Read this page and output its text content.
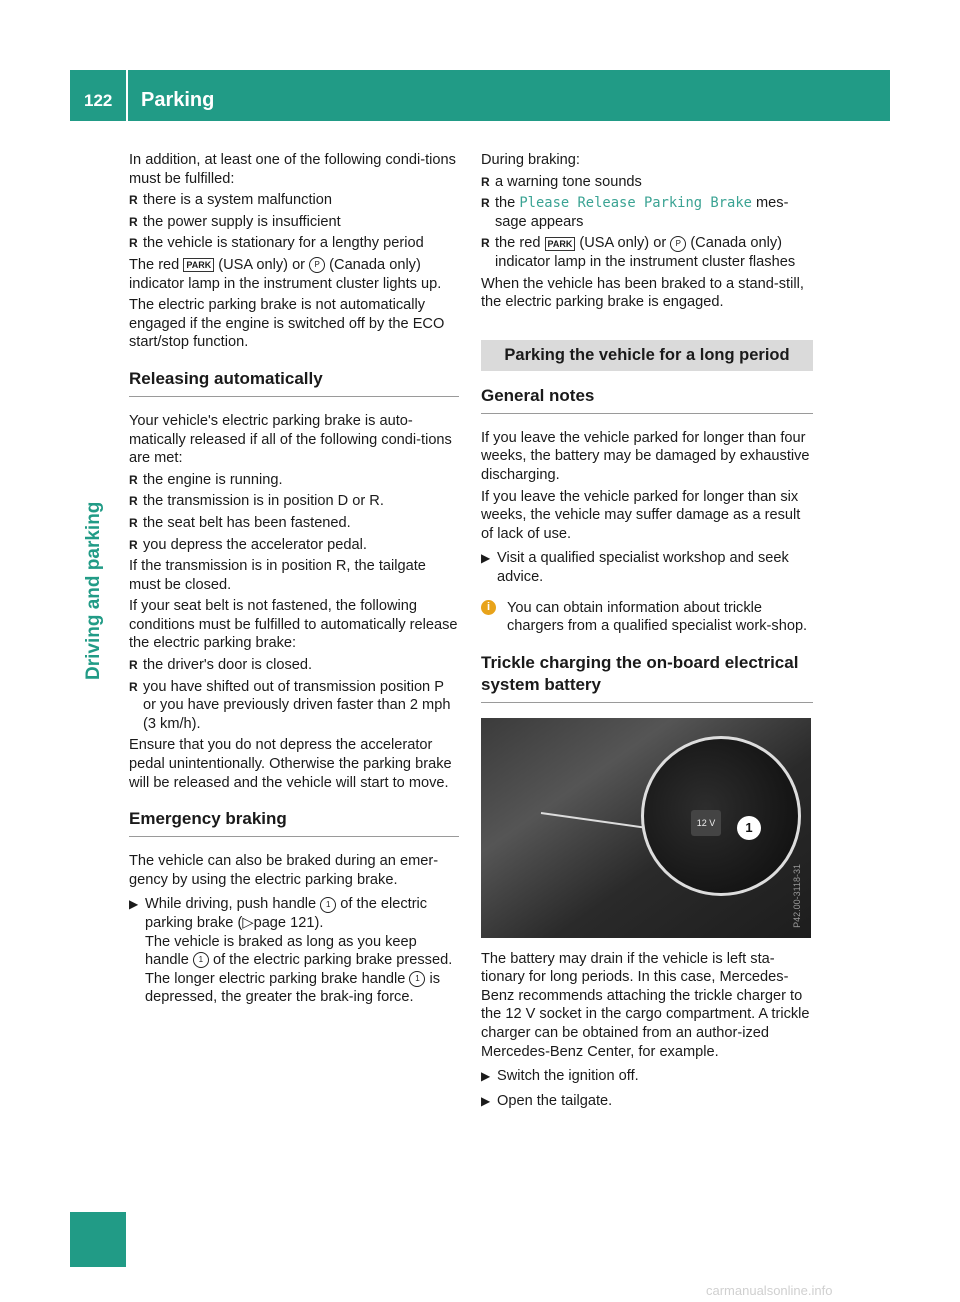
122 Parking
Driving and parking

In addition, at least one of the following condi-tions must be fulfilled:

R there is a system malfunction
R the power supply is insufficient
R the vehicle is stationary for a lengthy period

The red PARK (USA only) or P (Canada only) indicator lamp in the instrument cluster lights up.

The electric parking brake is not automatically engaged if the engine is switched off by the ECO start/stop function.

Releasing automatically

Your vehicle's electric parking brake is auto-matically released if all of the following condi-tions are met:

R the engine is running.
R the transmission is in position D or R.
R the seat belt has been fastened.
R you depress the accelerator pedal.

If the transmission is in position R, the tailgate must be closed.

If your seat belt is not fastened, the following conditions must be fulfilled to automatically release the electric parking brake:

R the driver's door is closed.
R you have shifted out of transmission position P or you have previously driven faster than 2 mph (3 km/h).

Ensure that you do not depress the accelerator pedal unintentionally. Otherwise the parking brake will be released and the vehicle will start to move.

Emergency braking

The vehicle can also be braked during an emer-gency by using the electric parking brake.

▶ While driving, push handle 1 of the electric parking brake (▷page 121).
The vehicle is braked as long as you keep handle 1 of the electric parking brake pressed. The longer electric parking brake handle 1 is depressed, the greater the brak-ing force.

During braking:

R a warning tone sounds
R the Please Release Parking Brake mes-sage appears
R the red PARK (USA only) or P (Canada only) indicator lamp in the instrument cluster flashes

When the vehicle has been braked to a stand-still, the electric parking brake is engaged.

Parking the vehicle for a long period
General notes

If you leave the vehicle parked for longer than four weeks, the battery may be damaged by exhaustive discharging.

If you leave the vehicle parked for longer than six weeks, the vehicle may suffer damage as a result of lack of use.

▶ Visit a qualified specialist workshop and seek advice.
i	You can obtain information about trickle chargers from a qualified specialist work-shop.
Trickle charging the on-board electrical system battery
12 V	1
P42.00-3118-31

The battery may drain if the vehicle is left sta-tionary for long periods. In this case, Mercedes-Benz recommends attaching the trickle charger to the 12 V socket in the cargo compartment. A trickle charger can be obtained from an author-ized Mercedes-Benz Center, for example.

▶ Switch the ignition off.
▶ Open the tailgate.
carmanualsonline.info
